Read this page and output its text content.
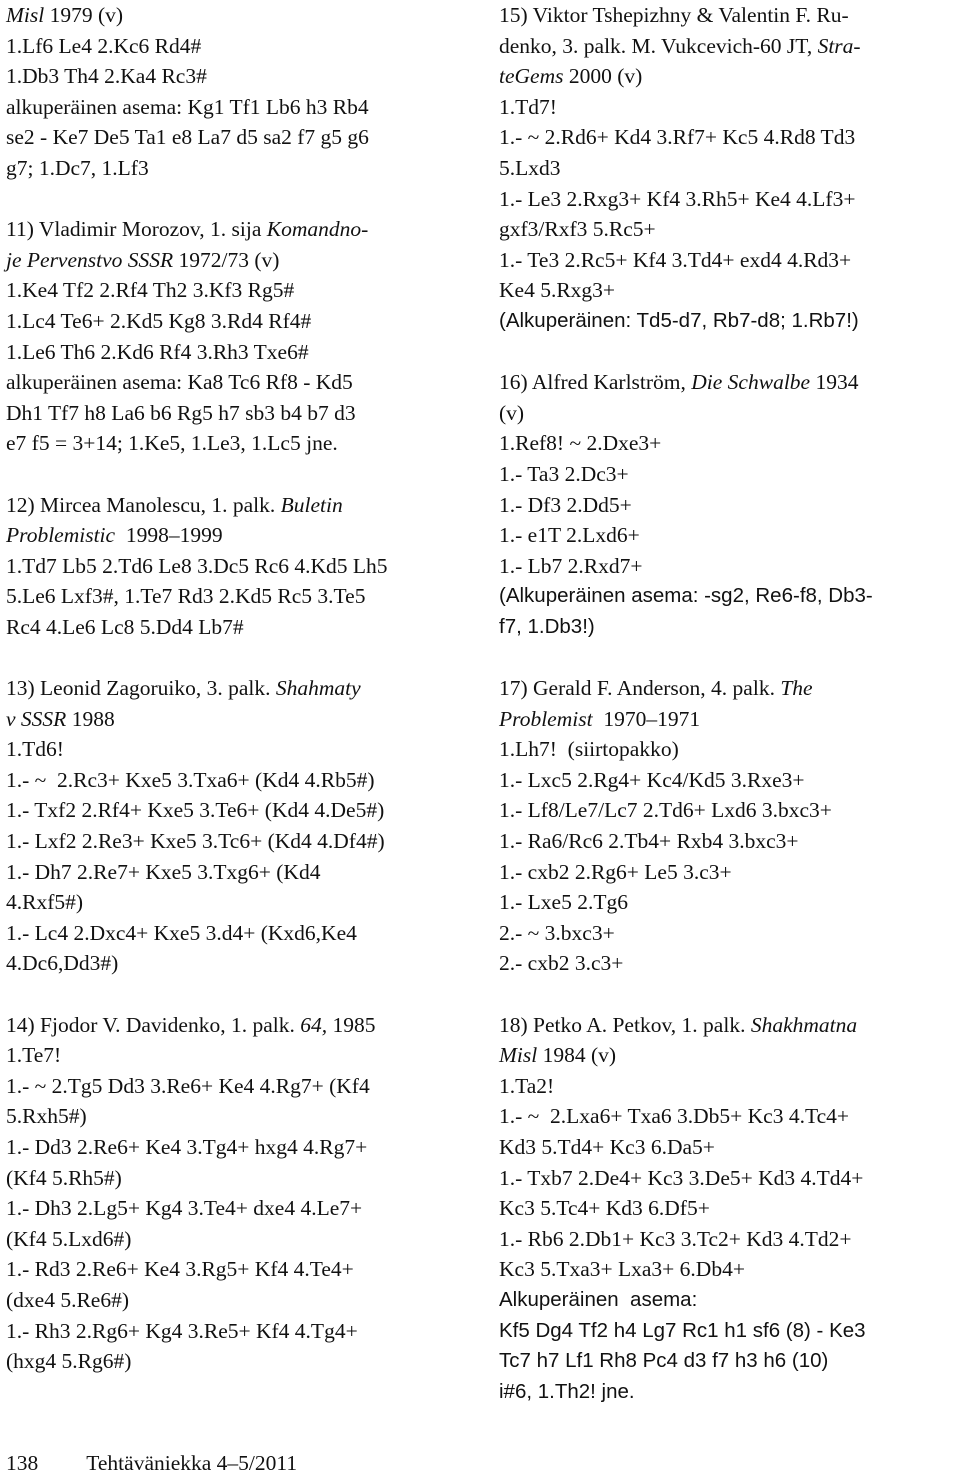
Misl 1979 (v)
1.Lf6 Le4 2.Kc6 Rd4#
1.Db3 Th4 2.Ka4 Rc3#
alkuperäinen asema: Kg1 Tf1 Lb6 h3 Rb4
se2 - Ke7 De5 Ta1 e8 La7 d5 sa2 f7 g5 g6
g7; 1.Dc7, 1.Lf3
11) Vladimir Morozov, 1. sija Komandno-
je Pervenstvo SSSR 1972/73 (v)
1.Ke4 Tf2 2.Rf4 Th2 3.Kf3 Rg5#
1.Lc4 Te6+ 2.Kd5 Kg8 3.Rd4 Rf4#
1.Le6 Th6 2.Kd6 Rf4 3.Rh3 Txe6#
alkuperäinen asema: Ka8 Tc6 Rf8 - Kd5
Dh1 Tf7 h8 La6 b6 Rg5 h7 sb3 b4 b7 d3
e7 f5 = 3+14; 1.Ke5, 1.Le3, 1.Lc5 jne.
12) Mircea Manolescu, 1. palk. Buletin
Problemistic  1998–1999
1.Td7 Lb5 2.Td6 Le8 3.Dc5 Rc6 4.Kd5 Lh5
5.Le6 Lxf3#, 1.Te7 Rd3 2.Kd5 Rc5 3.Te5
Rc4 4.Le6 Lc8 5.Dd4 Lb7#
13) Leonid Zagoruiko, 3. palk. Shahmaty
v SSSR 1988
1.Td6!
1.- ~  2.Rc3+ Kxe5 3.Txa6+ (Kd4 4.Rb5#)
1.- Txf2 2.Rf4+ Kxe5 3.Te6+ (Kd4 4.De5#)
1.- Lxf2 2.Re3+ Kxe5 3.Tc6+ (Kd4 4.Df4#)
1.- Dh7 2.Re7+ Kxe5 3.Txg6+ (Kd4
4.Rxf5#)
1.- Lc4 2.Dxc4+ Kxe5 3.d4+ (Kxd6,Ke4
4.Dc6,Dd3#)
14) Fjodor V. Davidenko, 1. palk. 64, 1985
1.Te7!
1.- ~ 2.Tg5 Dd3 3.Re6+ Ke4 4.Rg7+ (Kf4
5.Rxh5#)
1.- Dd3 2.Re6+ Ke4 3.Tg4+ hxg4 4.Rg7+
(Kf4 5.Rh5#)
1.- Dh3 2.Lg5+ Kg4 3.Te4+ dxe4 4.Le7+
(Kf4 5.Lxd6#)
1.- Rd3 2.Re6+ Ke4 3.Rg5+ Kf4 4.Te4+
(dxe4 5.Re6#)
1.- Rh3 2.Rg6+ Kg4 3.Re5+ Kf4 4.Tg4+
(hxg4 5.Rg6#)
15) Viktor Tshepizhny & Valentin F. Ru-
denko, 3. palk. M. Vukcevich-60 JT, Stra-
teGems 2000 (v)
1.Td7!
1.- ~ 2.Rd6+ Kd4 3.Rf7+ Kc5 4.Rd8 Td3
5.Lxd3
1.- Le3 2.Rxg3+ Kf4 3.Rh5+ Ke4 4.Lf3+
gxf3/Rxf3 5.Rc5+
1.- Te3 2.Rc5+ Kf4 3.Td4+ exd4 4.Rd3+
Ke4 5.Rxg3+
(Alkuperäinen: Td5-d7, Rb7-d8; 1.Rb7!)
16) Alfred Karlström, Die Schwalbe 1934
(v)
1.Ref8! ~ 2.Dxe3+
1.- Ta3 2.Dc3+
1.- Df3 2.Dd5+
1.- e1T 2.Lxd6+
1.- Lb7 2.Rxd7+
(Alkuperäinen asema: -sg2, Re6-f8, Db3-
f7, 1.Db3!)
17) Gerald F. Anderson, 4. palk. The
Problemist  1970–1971
1.Lh7!  (siirtopakko)
1.- Lxc5 2.Rg4+ Kc4/Kd5 3.Rxe3+
1.- Lf8/Le7/Lc7 2.Td6+ Lxd6 3.bxc3+
1.- Ra6/Rc6 2.Tb4+ Rxb4 3.bxc3+
1.- cxb2 2.Rg6+ Le5 3.c3+
1.- Lxe5 2.Tg6
2.- ~ 3.bxc3+
2.- cxb2 3.c3+
18) Petko A. Petkov, 1. palk. Shakhmatna
Misl 1984 (v)
1.Ta2!
1.- ~  2.Lxa6+ Txa6 3.Db5+ Kc3 4.Tc4+
Kd3 5.Td4+ Kc3 6.Da5+
1.- Txb7 2.De4+ Kc3 3.De5+ Kd3 4.Td4+
Kc3 5.Tc4+ Kd3 6.Df5+
1.- Rb6 2.Db1+ Kc3 3.Tc2+ Kd3 4.Td2+
Kc3 5.Txa3+ Lxa3+ 6.Db4+
Alkuperäinen  asema:
Kf5 Dg4 Tf2 h4 Lg7 Rc1 h1 sf6 (8) - Ke3
Tc7 h7 Lf1 Rh8 Pc4 d3 f7 h3 h6 (10)
i#6, 1.Th2! jne.
138 Tehtäväniekka 4–5/2011
